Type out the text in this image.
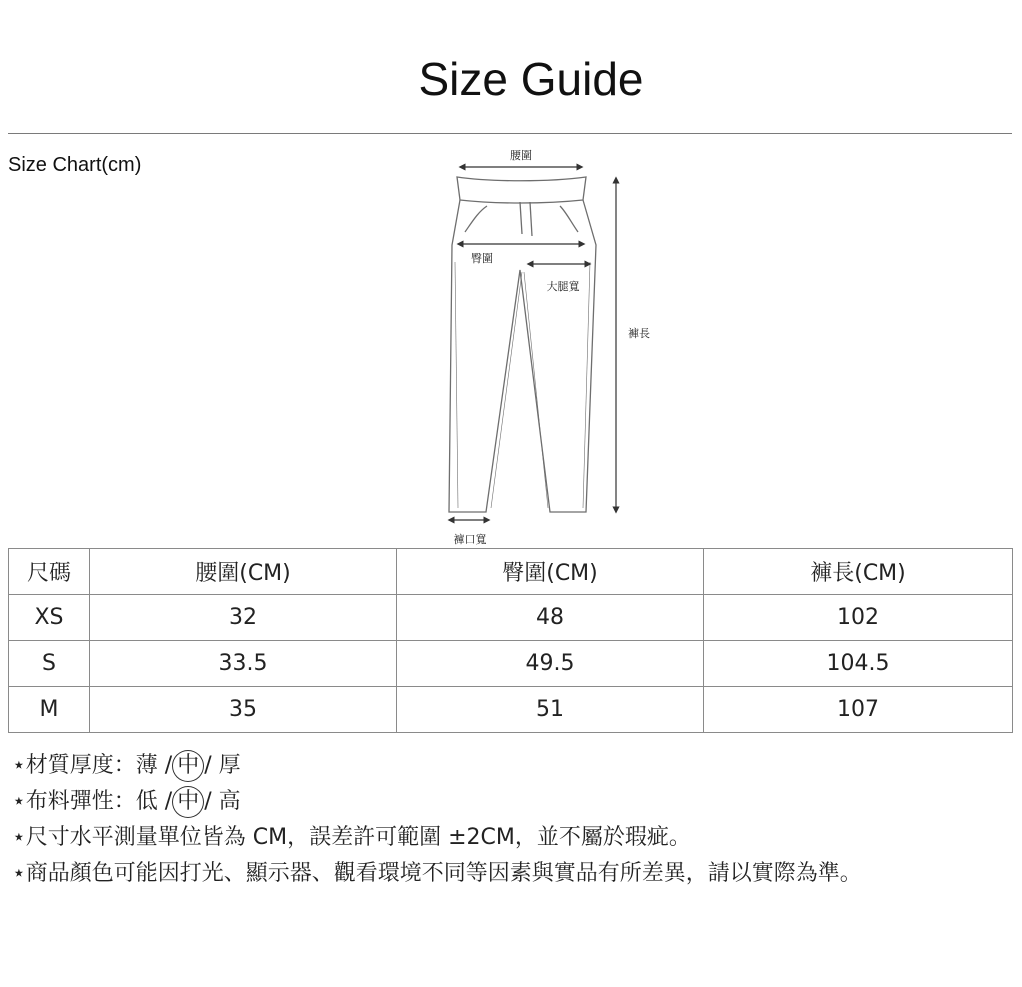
Size Guide
Size Chart(cm)	腰圍
臀圍
大腿寬
褲長
褲口寬
尺碼	腰圍(CM)	臀圍(CM)	褲長(CM)
XS	32	48	102
S	33.5	49.5	104.5
M	35	51	107
⋆材質厚度：薄 / 中 / 厚
⋆布料彈性：低 / 中 / 高
⋆尺寸水平測量單位皆為 CM，誤差許可範圍 ±2CM，並不屬於瑕疵。
⋆商品顏色可能因打光、顯示器、觀看環境不同等因素與實品有所差異，請以實際為準。
